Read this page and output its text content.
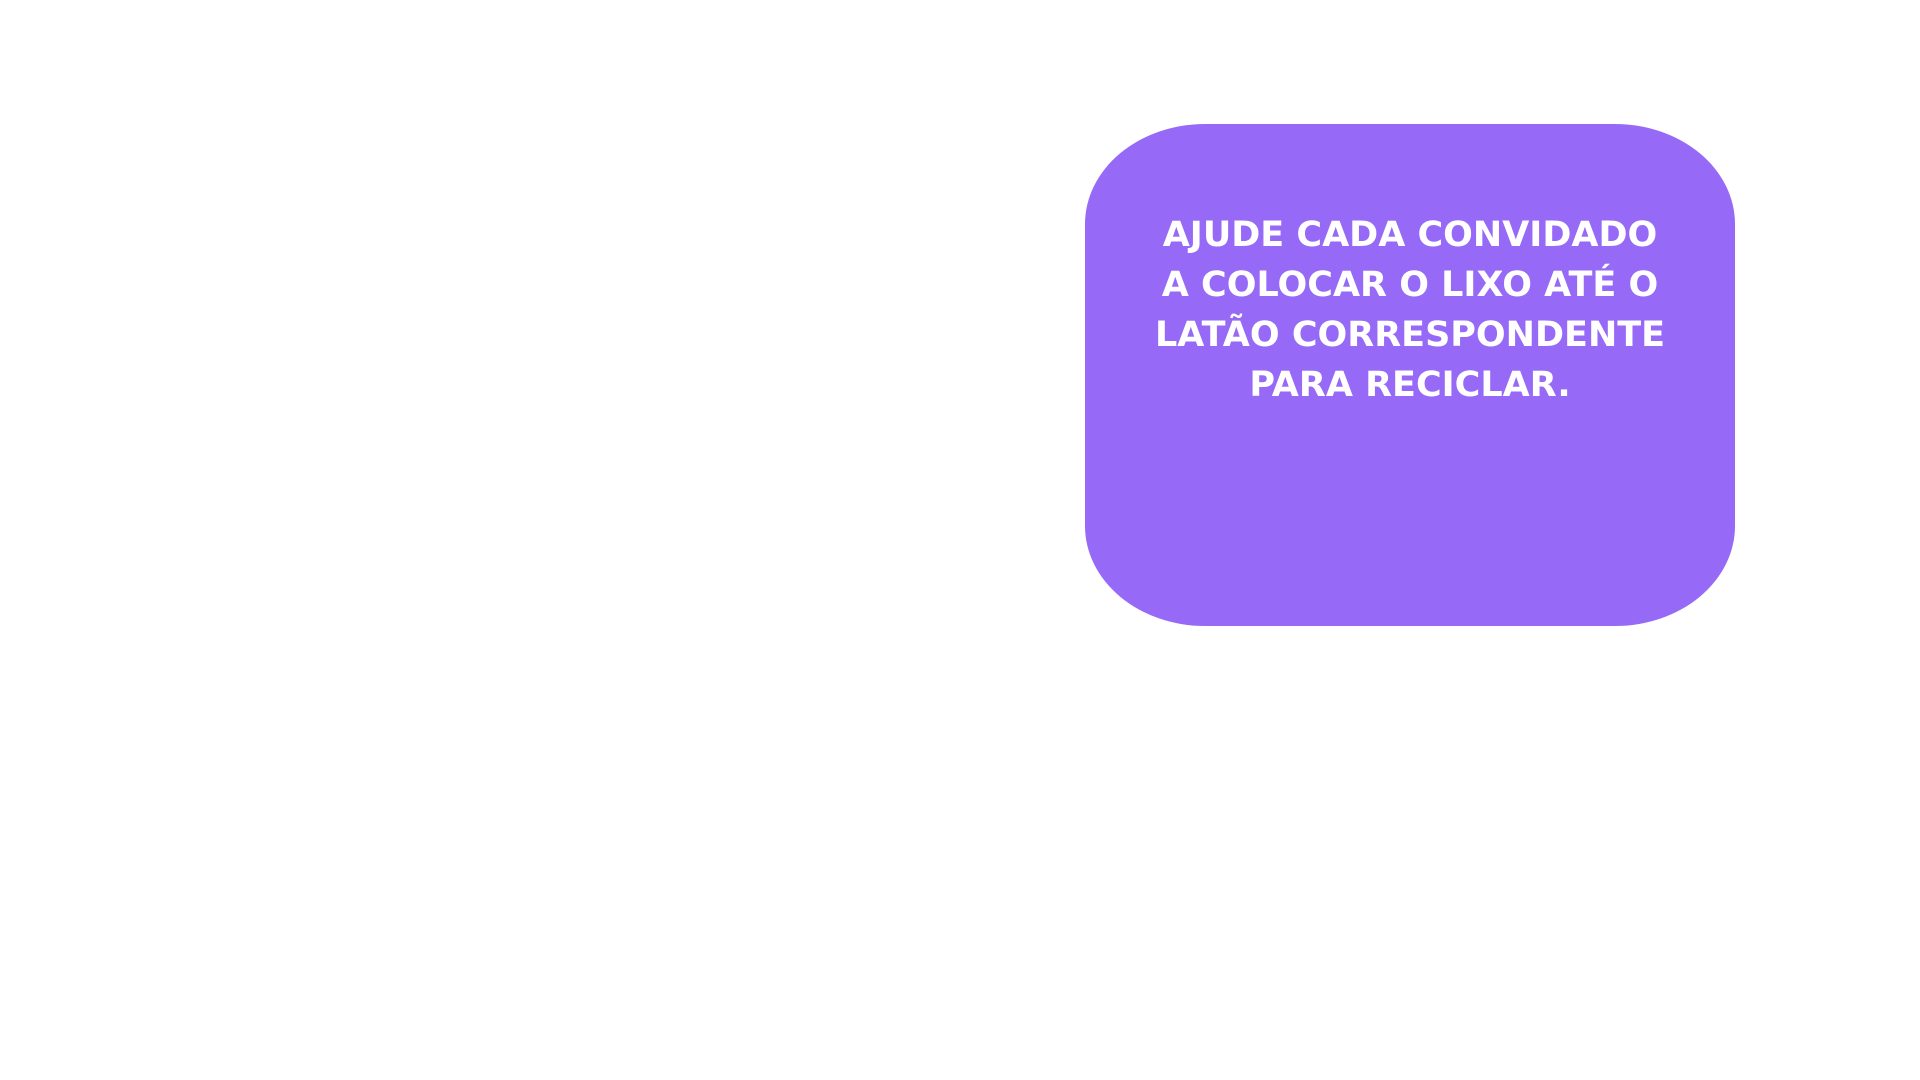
AJUDE CADA CONVIDADO
A COLOCAR O LIXO ATÉ O
LATÃO CORRESPONDENTE
PARA RECICLAR.
